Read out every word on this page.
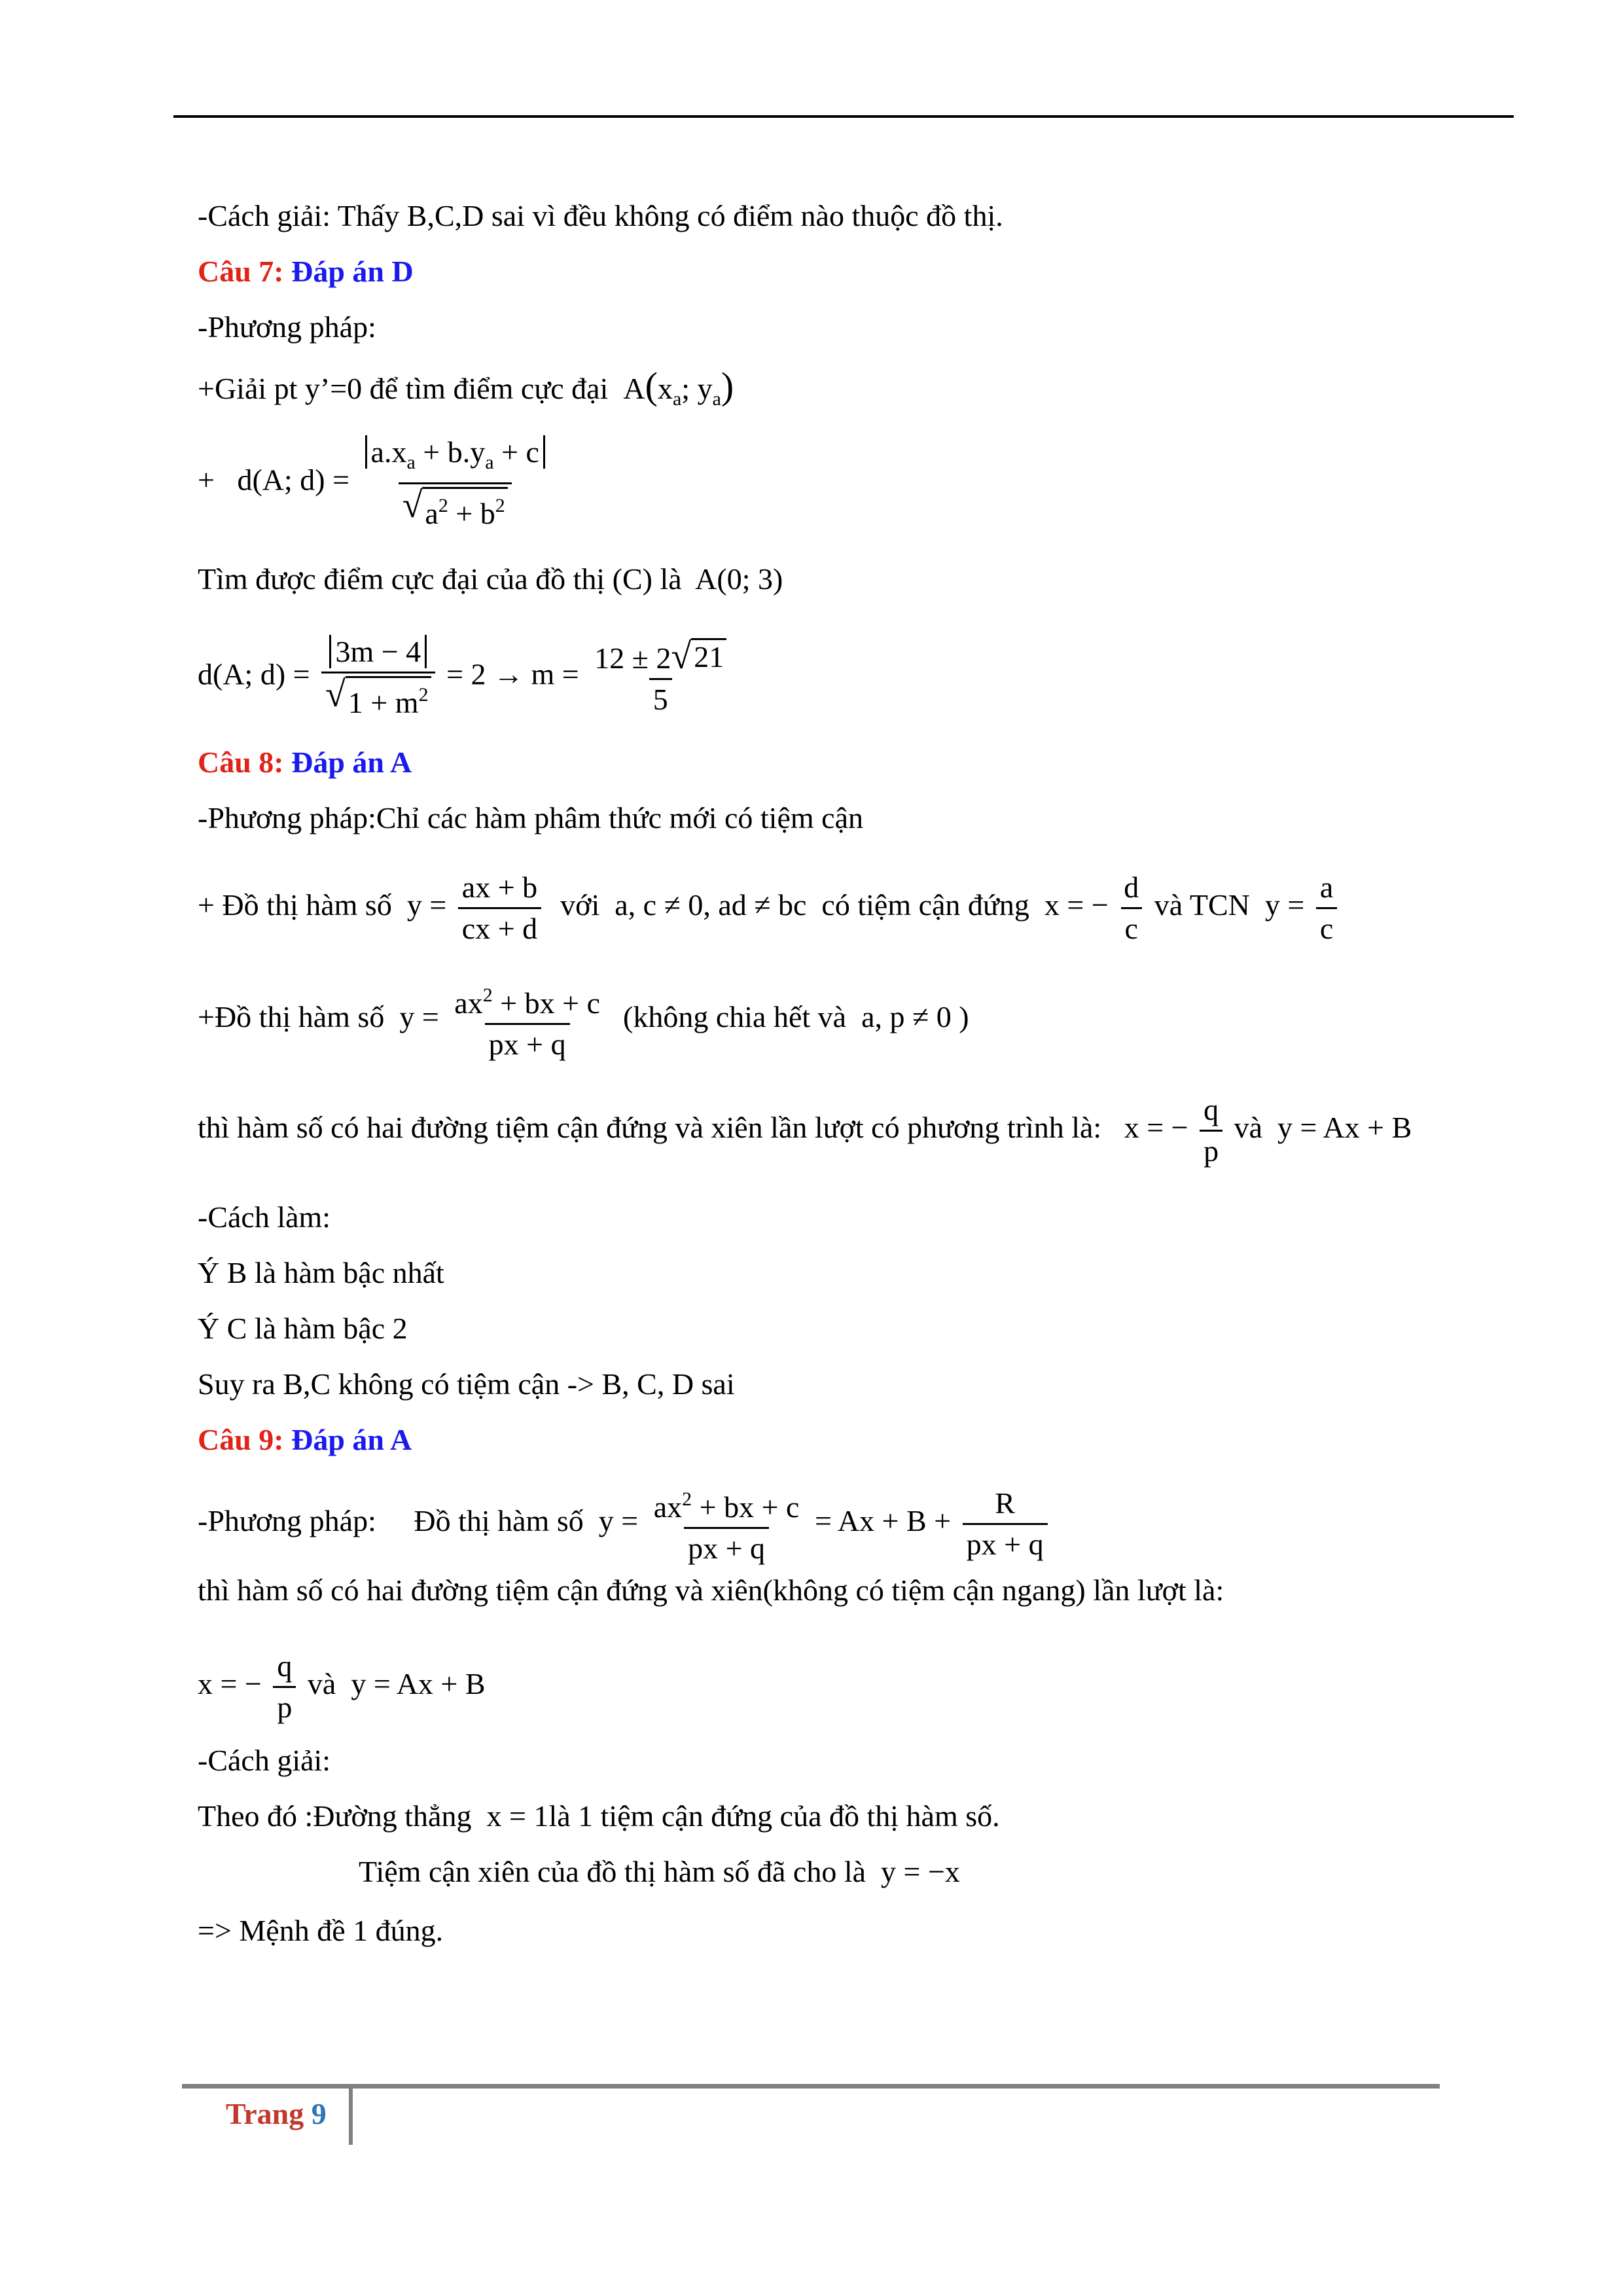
-Cách giải: Thấy B,C,D sai vì đều không có điểm nào thuộc đồ thị.
Câu 7: Đáp án D
-Phương pháp:
+Giải pt y’=0 để tìm điểm cực đại $A(x_a$; $y_a$)
+ d(A; $d) = \frac{a.x_a + b.y_a + c}{√ a^2 + b^2}$
Tìm được điểm cực đại của đồ thị (C) là A(0; 3)
d(A; $d) = \frac{3m - 4}{√ 1 + m^2} = 2 \to m = \frac{12 \pm 2 √ 21}{5}$
Câu 8: Đáp án A
-Phương pháp:Chỉ các hàm phâm thức mới có tiệm cận
+ Đồ thị hàm số $y = \frac{ax + b}{cx + d}$ với a, c ≠ 0, ad ≠ bc có tiệm cận đứng x = − $\frac{d}{c}$ và TCN $y = \frac{a}{c}$
+Đồ thị hàm số $y = \frac{ax^2 + bx + c}{px + q}$ (không chia hết và a, p ≠ 0 )
thì hàm số có hai đường tiệm cận đứng và xiên lần lượt có phương trình là: x = − $\frac{q}{p}$ và y = Ax + B
-Cách làm:
Ý B là hàm bậc nhất
Ý C là hàm bậc 2
Suy ra B,C không có tiệm cận -> B, C, D sai
Câu 9: Đáp án A
-Phương pháp: Đồ thị hàm số $y = \frac{ax^2 + bx + c}{px + q} = Ax + B + \frac{R}{px + q}$
thì hàm số có hai đường tiệm cận đứng và xiên(không có tiệm cận ngang) lần lượt là:
x = − $\frac{q}{p}$ và y = Ax + B
-Cách giải:
Theo đó :Đường thẳng x = 1là 1 tiệm cận đứng của đồ thị hàm số.
Tiệm cận xiên của đồ thị hàm số đã cho là y = −x
=> Mệnh đề 1 đúng.
Trang 9
